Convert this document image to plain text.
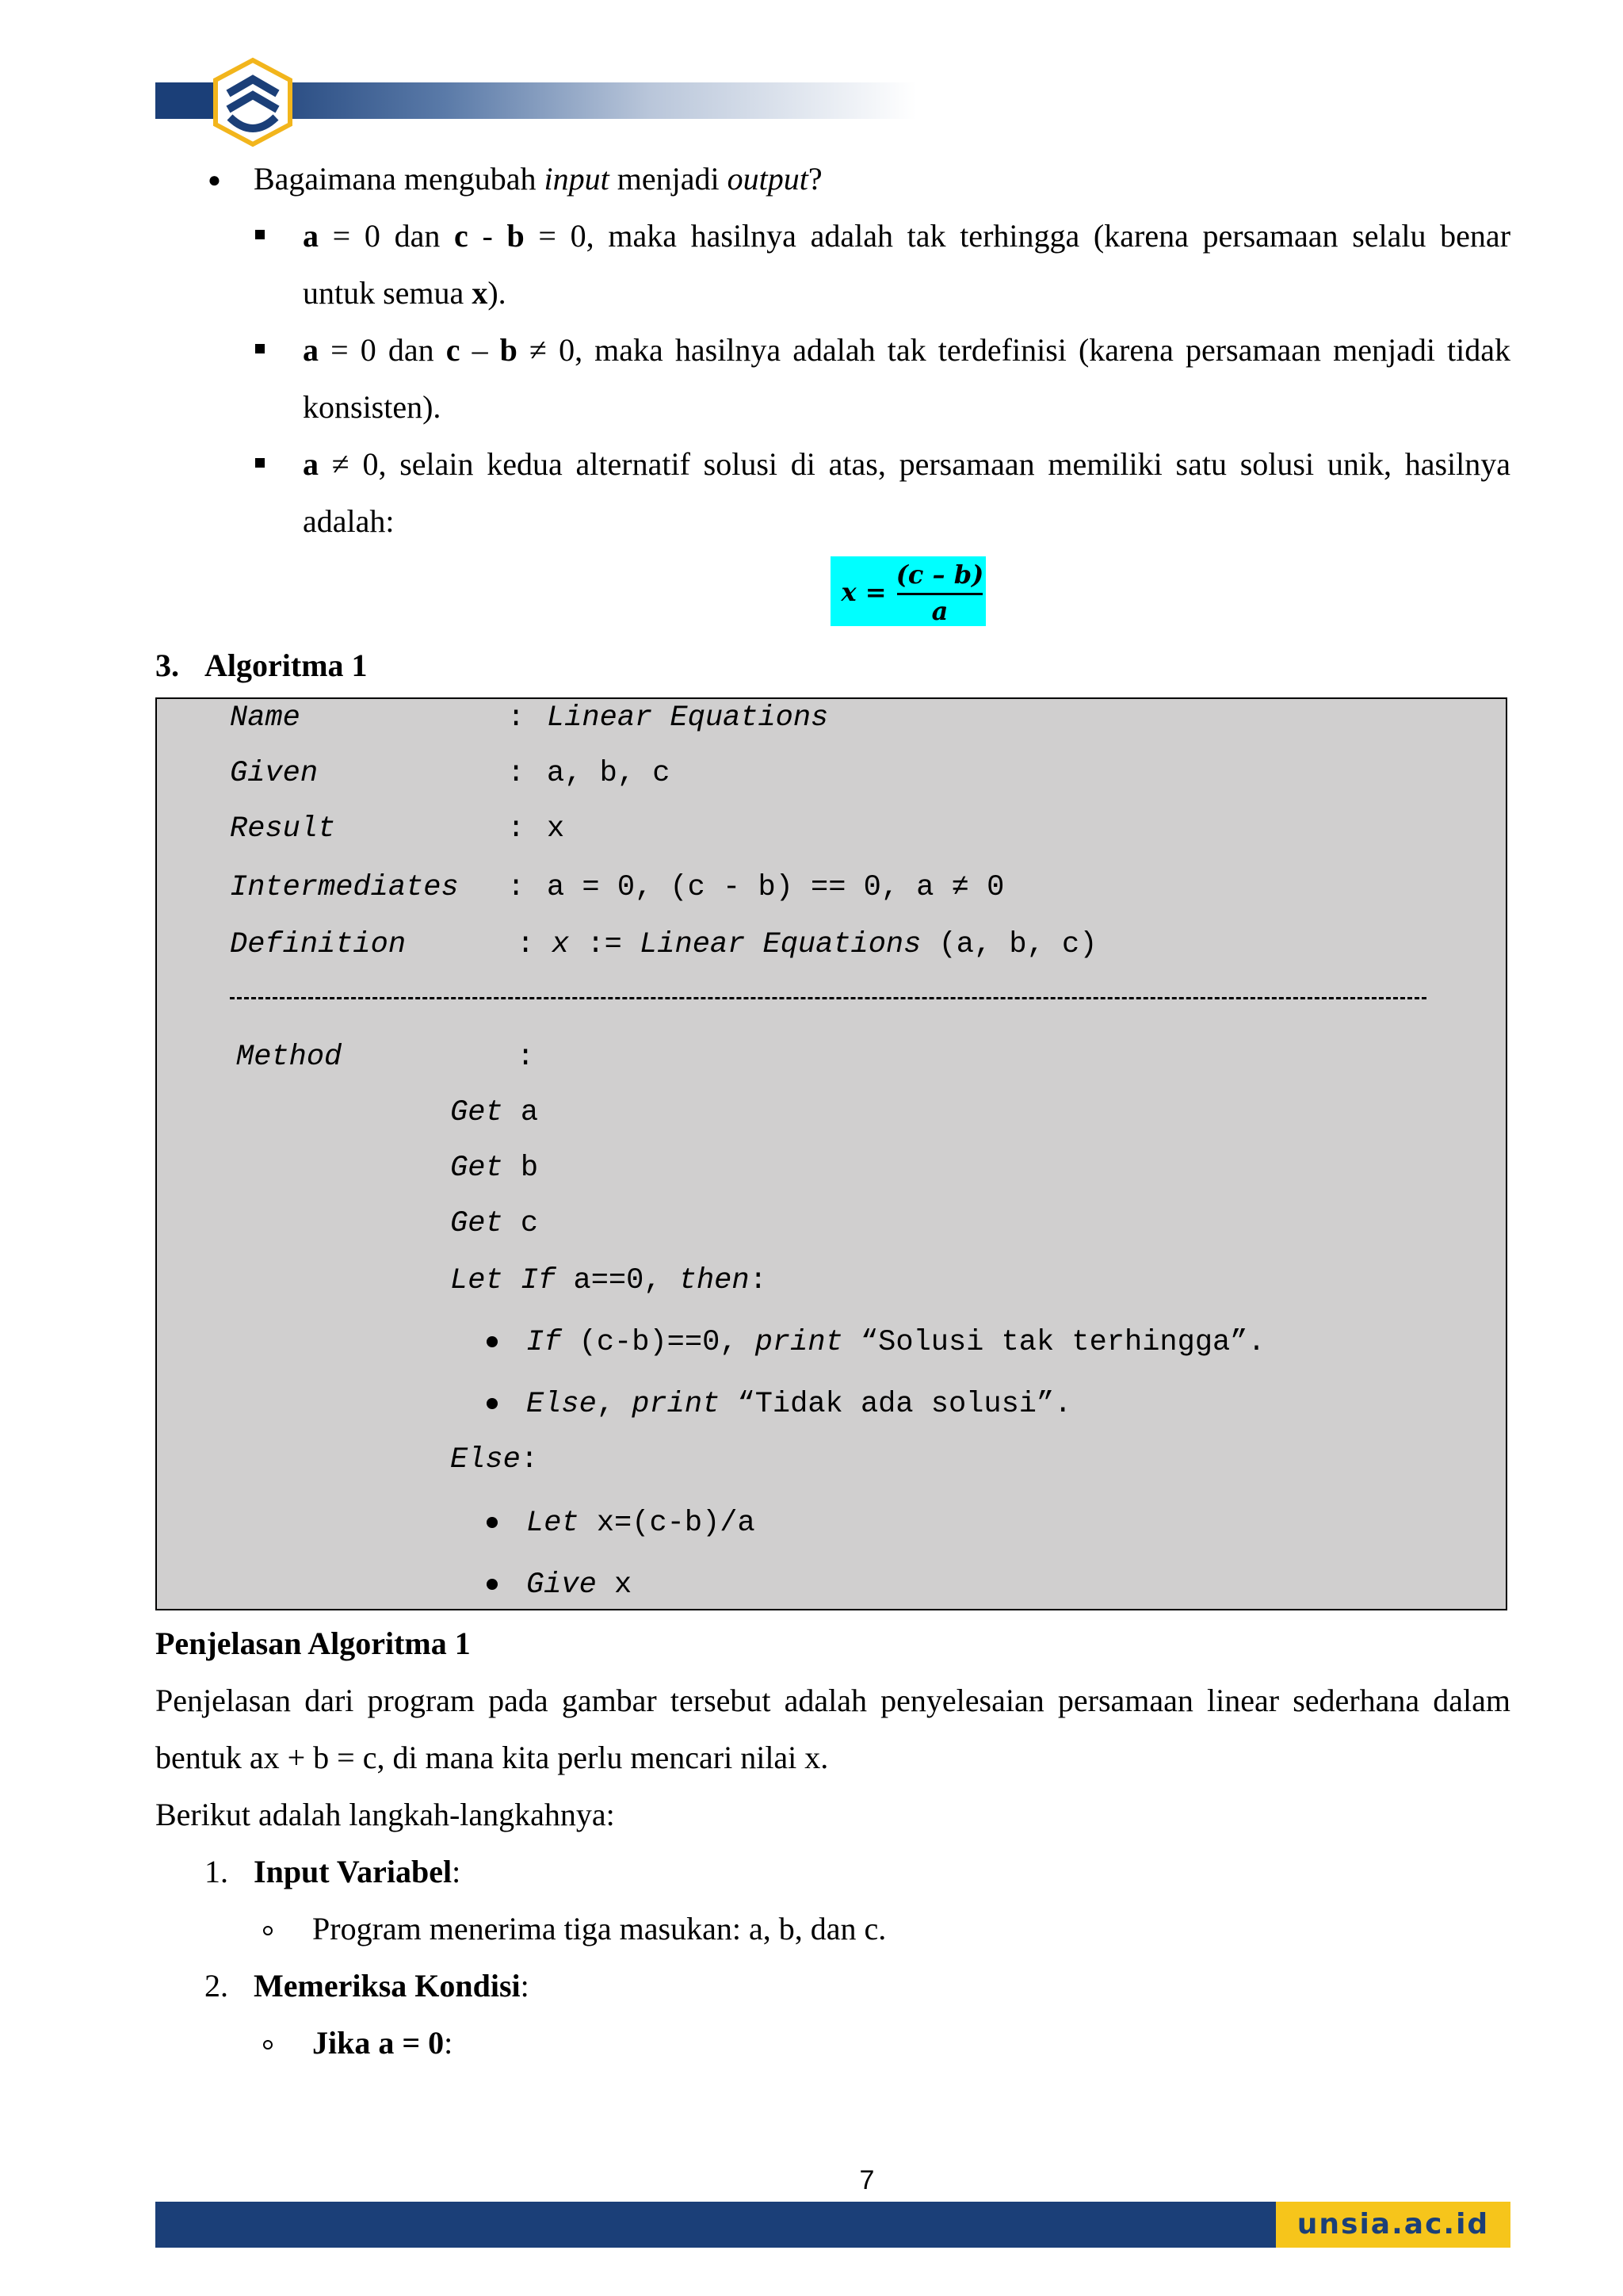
● Bagaimana mengubah input menjadi output?
a = 0 dan c - b = 0, maka hasilnya adalah tak terhingga (karena persamaan selalu benar
untuk semua x).
a = 0 dan c – b ≠ 0, maka hasilnya adalah tak terdefinisi (karena persamaan menjadi tidak
konsisten).
a ≠ 0, selain kedua alternatif solusi di atas, persamaan memiliki satu solusi unik, hasilnya
adalah:
x =
(c – b)
a
3. Algoritma 1
Name	: Linear Equations
Given	: a, b, c
Result	: x
Intermediates : a = 0, (c - b) == 0, a ≠ 0
Definition	: x := Linear Equations (a, b, c)
Method	:
Get a
Get b
Get c
Let If a==0, then:
If (c-b)==0, print “Solusi tak terhingga”.
Else, print “Tidak ada solusi”.
Else:
Let x=(c-b)/a
Give x
Penjelasan Algoritma 1
Penjelasan dari program pada gambar tersebut adalah penyelesaian persamaan linear sederhana dalam
bentuk ax + b = c, di mana kita perlu mencari nilai x.
Berikut adalah langkah-langkahnya:
1. Input Variabel:
Program menerima tiga masukan: a, b, dan c.
2. Memeriksa Kondisi:
Jika a = 0:
7
unsia.ac.id
